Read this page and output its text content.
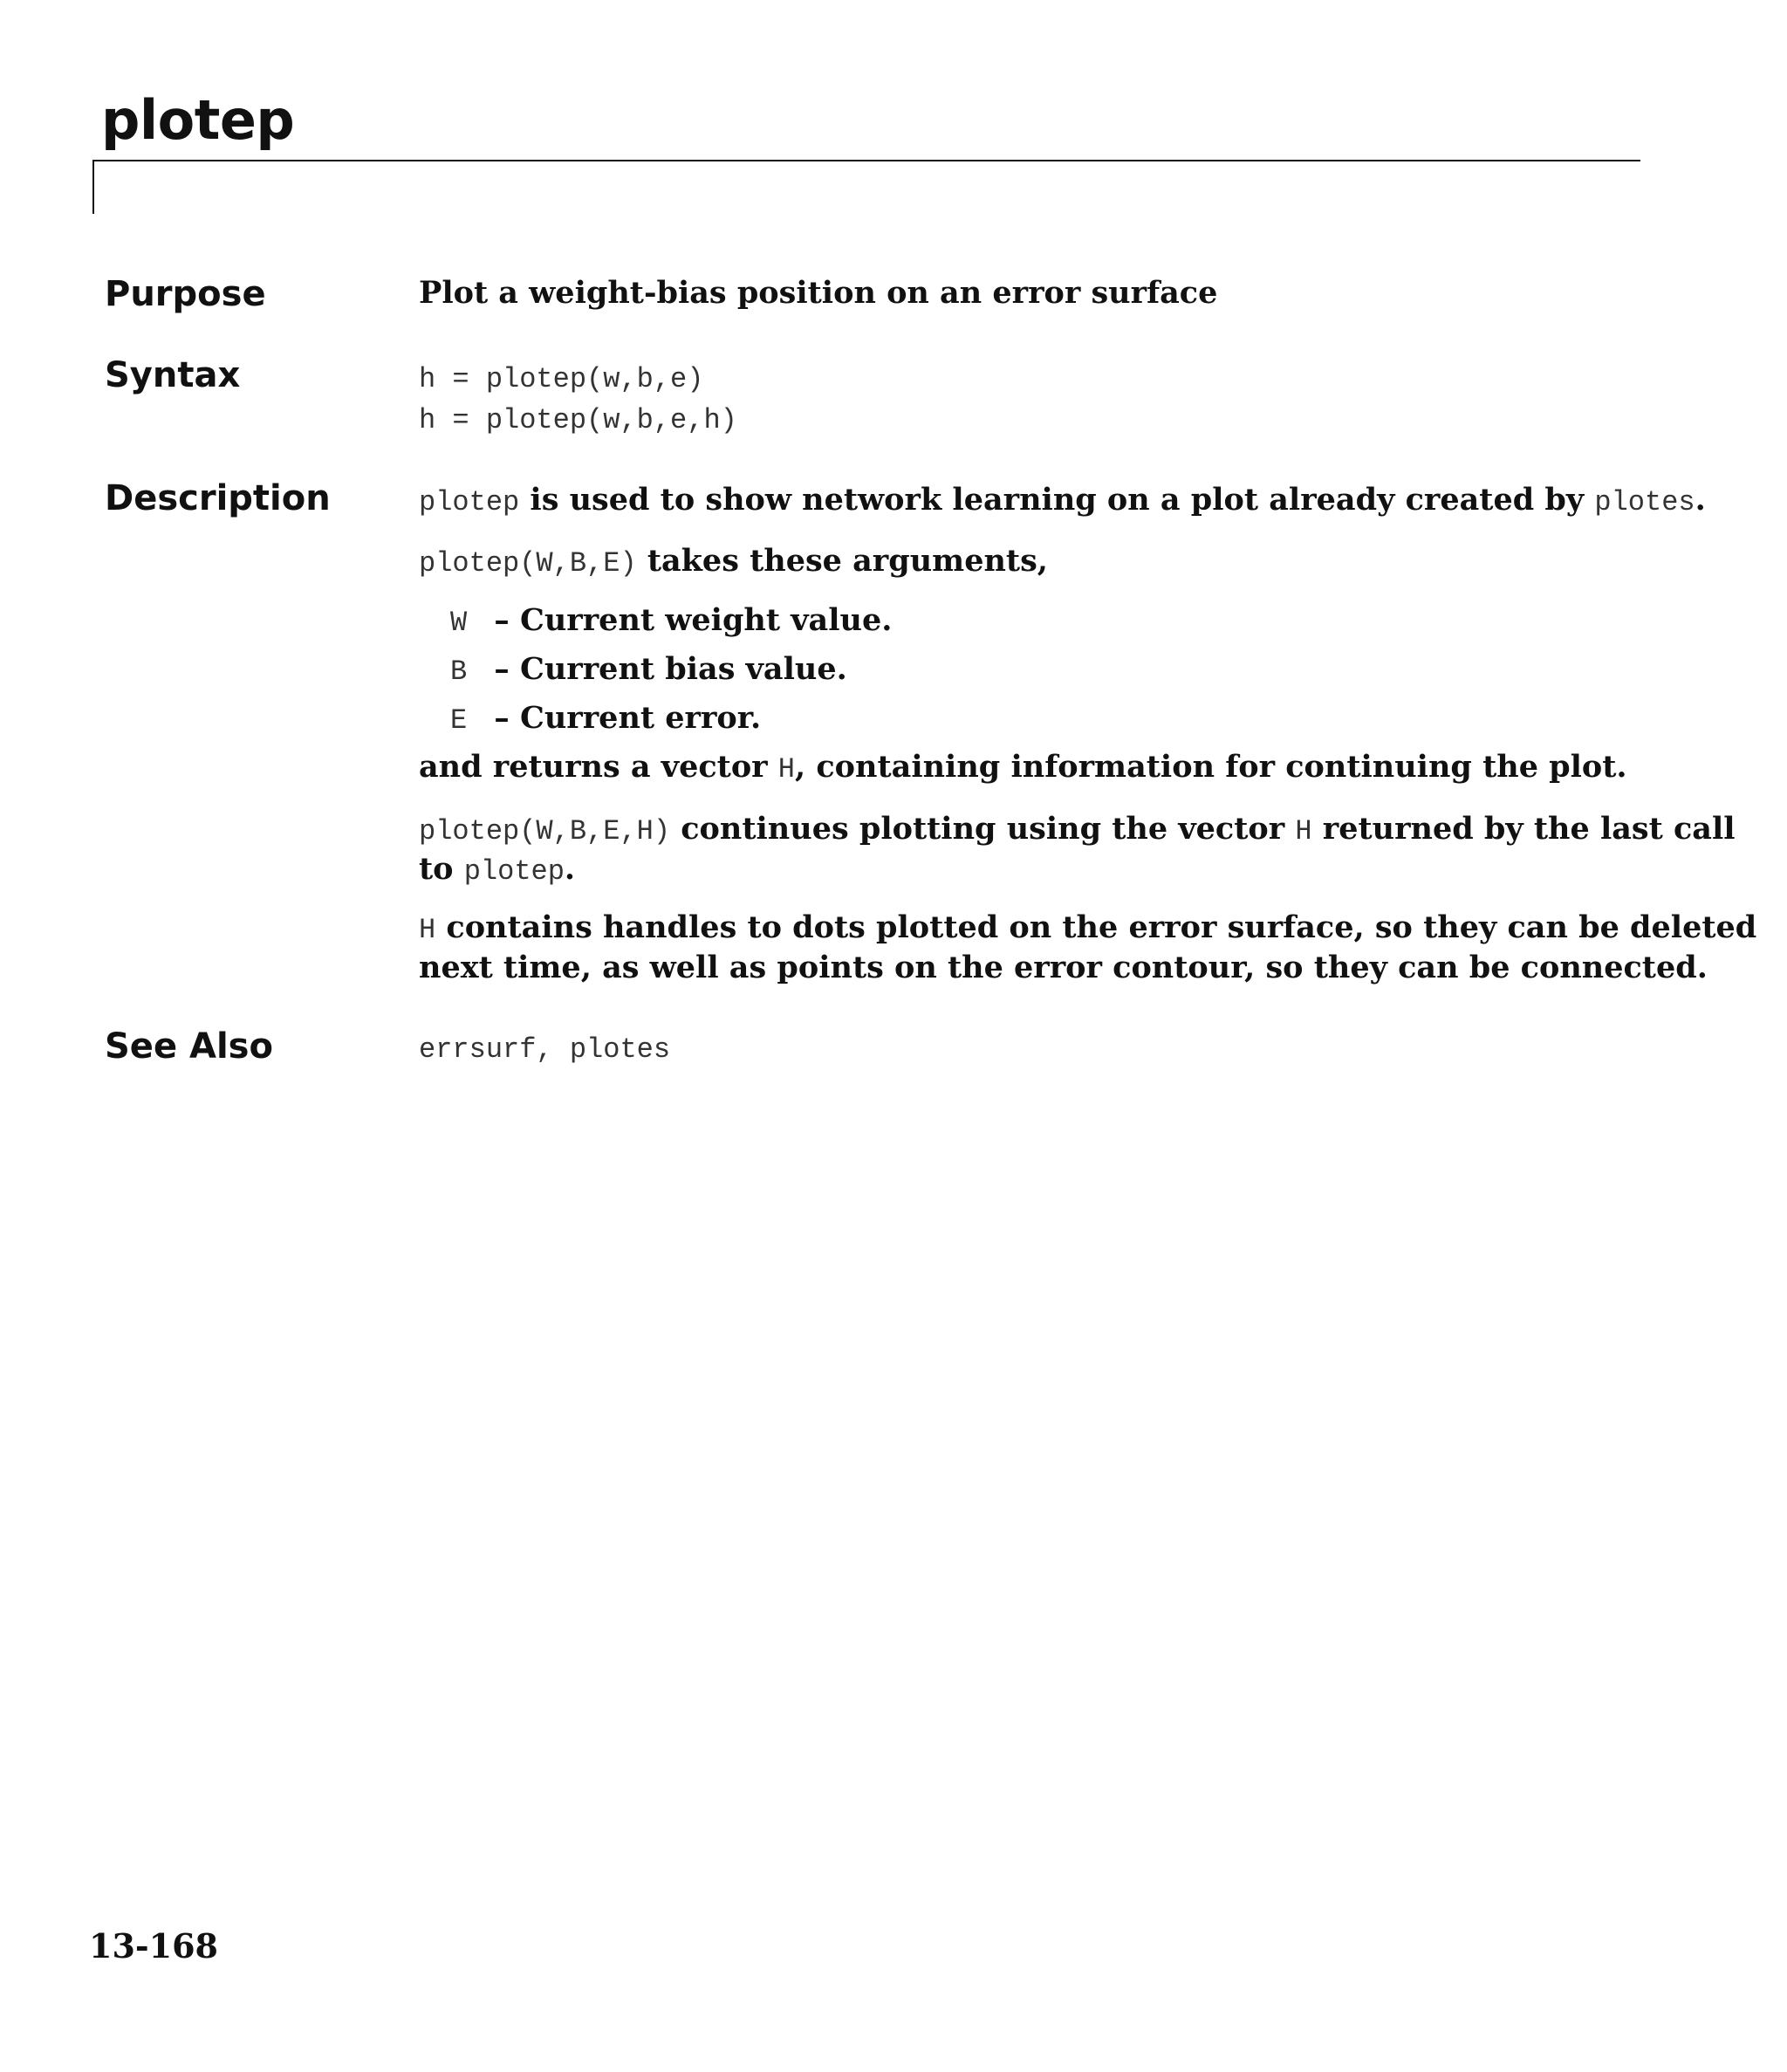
plotep
Purpose	Plot a weight-bias position on an error surface
Syntax	h = plotep(w,b,e)
h = plotep(w,b,e,h)
Description	plotep is used to show network learning on a plot already created by plotes.
plotep(W,B,E) takes these arguments,
W – Current weight value.
B – Current bias value.
E – Current error.
and returns a vector H, containing information for continuing the plot.
plotep(W,B,E,H) continues plotting using the vector H returned by the last call
to plotep.
H contains handles to dots plotted on the error surface, so they can be deleted
next time, as well as points on the error contour, so they can be connected.
See Also	errsurf, plotes
13-168
